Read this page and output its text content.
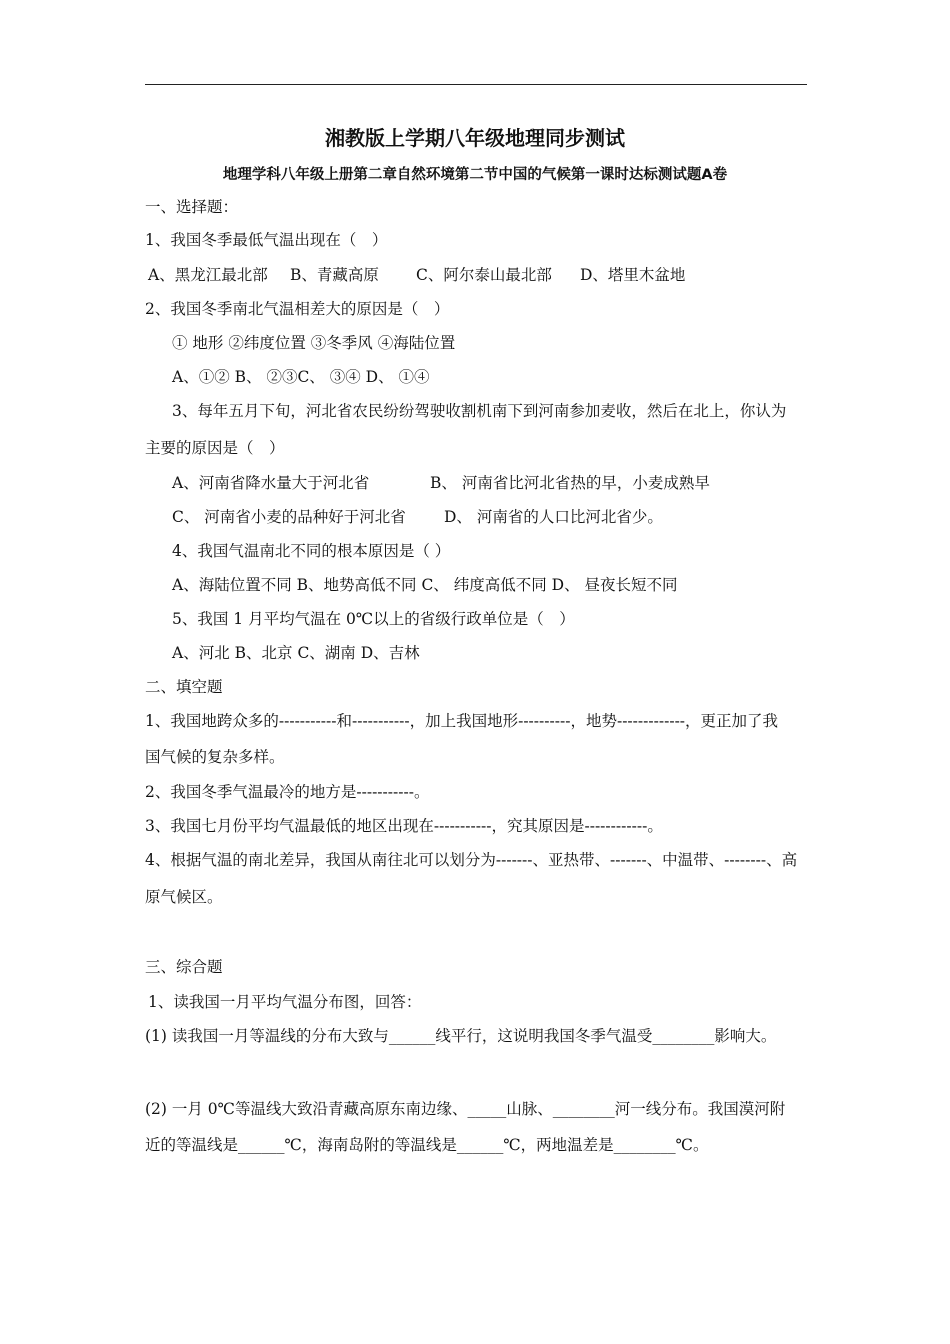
湘教版上学期八年级地理同步测试
地理学科八年级上册第二章自然环境第二节中国的气候第一课时达标测试题A卷
一、选择题：
1、我国冬季最低气温出现在（　）
A、黑龙江最北部 B、青藏高原 C、阿尔泰山最北部 D、塔里木盆地
2、我国冬季南北气温相差大的原因是（　）
① 地形 ②纬度位置 ③冬季风 ④海陆位置
A、①② B、 ②③C、 ③④ D、 ①④
3、每年五月下旬，河北省农民纷纷驾驶收割机南下到河南参加麦收，然后在北上，你认为
主要的原因是（　）
A、河南省降水量大于河北省	B、 河南省比河北省热的早，小麦成熟早
C、 河南省小麦的品种好于河北省 D、 河南省的人口比河北省少。
4、我国气温南北不同的根本原因是（ ）
A、海陆位置不同 B、地势高低不同 C、 纬度高低不同 D、 昼夜长短不同
5、我国 1 月平均气温在 0℃以上的省级行政单位是（　）
A、河北 B、北京 C、湖南 D、吉林
二、填空题
1、我国地跨众多的-----------和-----------，加上我国地形----------，地势-------------，更正加了我
国气候的复杂多样。
2、我国冬季气温最冷的地方是-----------。
3、我国七月份平均气温最低的地区出现在-----------，究其原因是------------。
4、根据气温的南北差异，我国从南往北可以划分为-------、亚热带、-------、中温带、--------、高
原气候区。
三、综合题
1、读我国一月平均气温分布图，回答：
(1) 读我国一月等温线的分布大致与______线平行，这说明我国冬季气温受________影响大。
(2) 一月 0℃等温线大致沿青藏高原东南边缘、_____山脉、________河一线分布。我国漠河附
近的等温线是______℃，海南岛附的等温线是______℃，两地温差是________℃。
